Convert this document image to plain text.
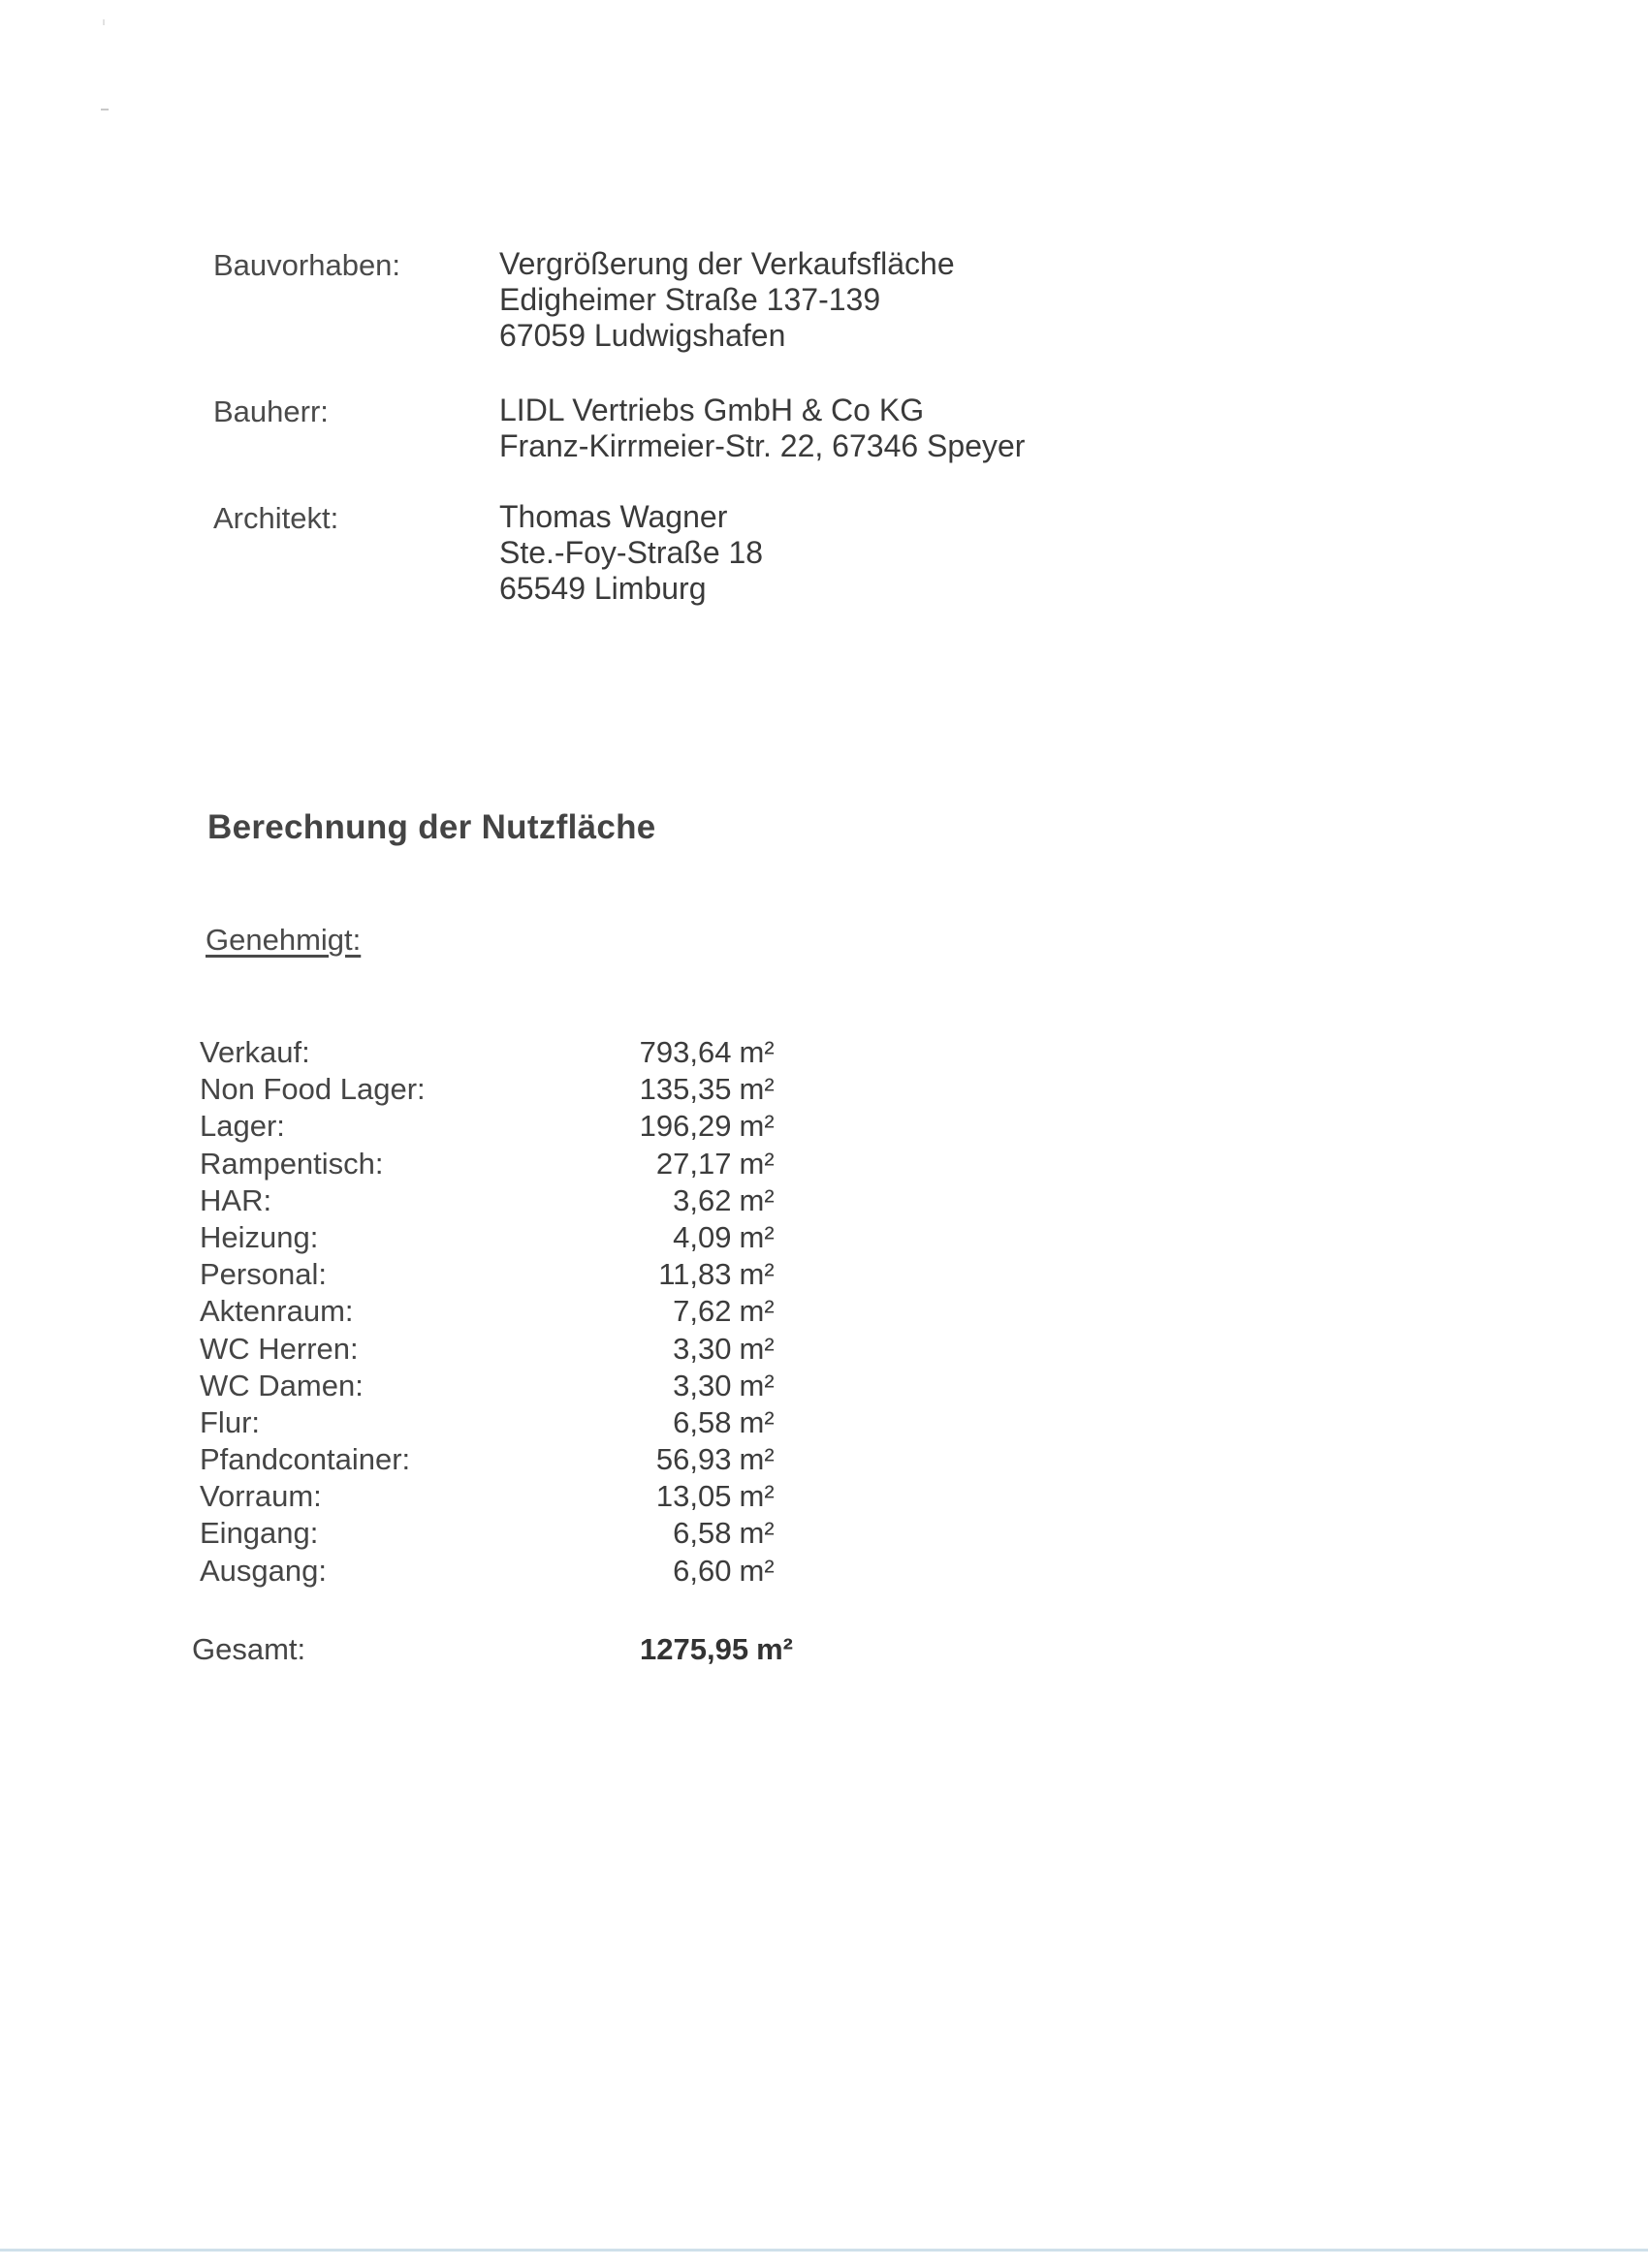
Bauvorhaben:	Vergrößerung der Verkaufsfläche
Edigheimer Straße 137-139
67059 Ludwigshafen
Bauherr:	LIDL Vertriebs GmbH & Co KG
Franz-Kirrmeier-Str. 22, 67346 Speyer
Architekt:	Thomas Wagner
Ste.-Foy-Straße 18
65549 Limburg
Berechnung der Nutzfläche
Genehmigt:
Verkauf:	793,64 m²
Non Food Lager:	135,35 m²
Lager:	196,29 m²
Rampentisch:	27,17 m²
HAR:	3,62 m²
Heizung:	4,09 m²
Personal:	11,83 m²
Aktenraum:	7,62 m²
WC Herren:	3,30 m²
WC Damen:	3,30 m²
Flur:	6,58 m²
Pfandcontainer:	56,93 m²
Vorraum:	13,05 m²
Eingang:	6,58 m²
Ausgang:	6,60 m²
Gesamt:	1275,95 m²
